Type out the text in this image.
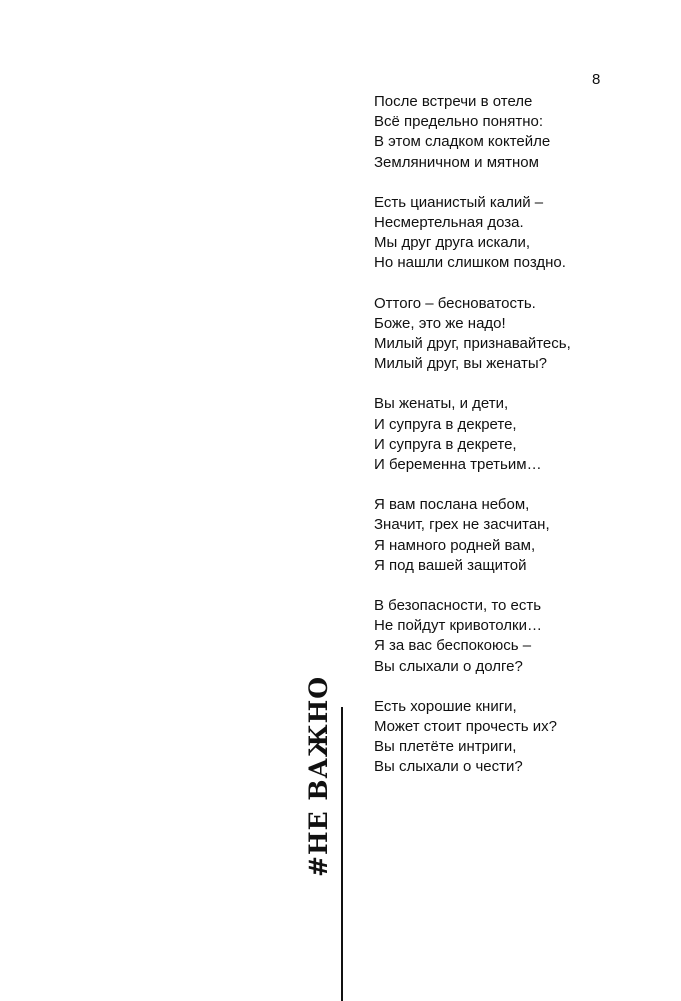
8
После встречи в отеле
Всё предельно понятно:
В этом сладком коктейле
Земляничном и мятном
Есть цианистый калий –
Несмертельная доза.
Мы друг друга искали,
Но нашли слишком поздно.
Оттого – бесноватость.
Боже, это же надо!
Милый друг, признавайтесь,
Милый друг, вы женаты?
Вы женаты, и дети,
И супруга в декрете,
И супруга в декрете,
И беременна третьим…
Я вам послана небом,
Значит, грех не засчитан,
Я намного родней вам,
Я под вашей защитой
В безопасности, то есть
Не пойдут кривотолки…
Я за вас беспокоюсь –
Вы слыхали о долге?
Есть хорошие книги,
Может стоит прочесть их?
Вы плетёте интриги,
Вы слыхали о чести?
#НЕ ВАЖНО
